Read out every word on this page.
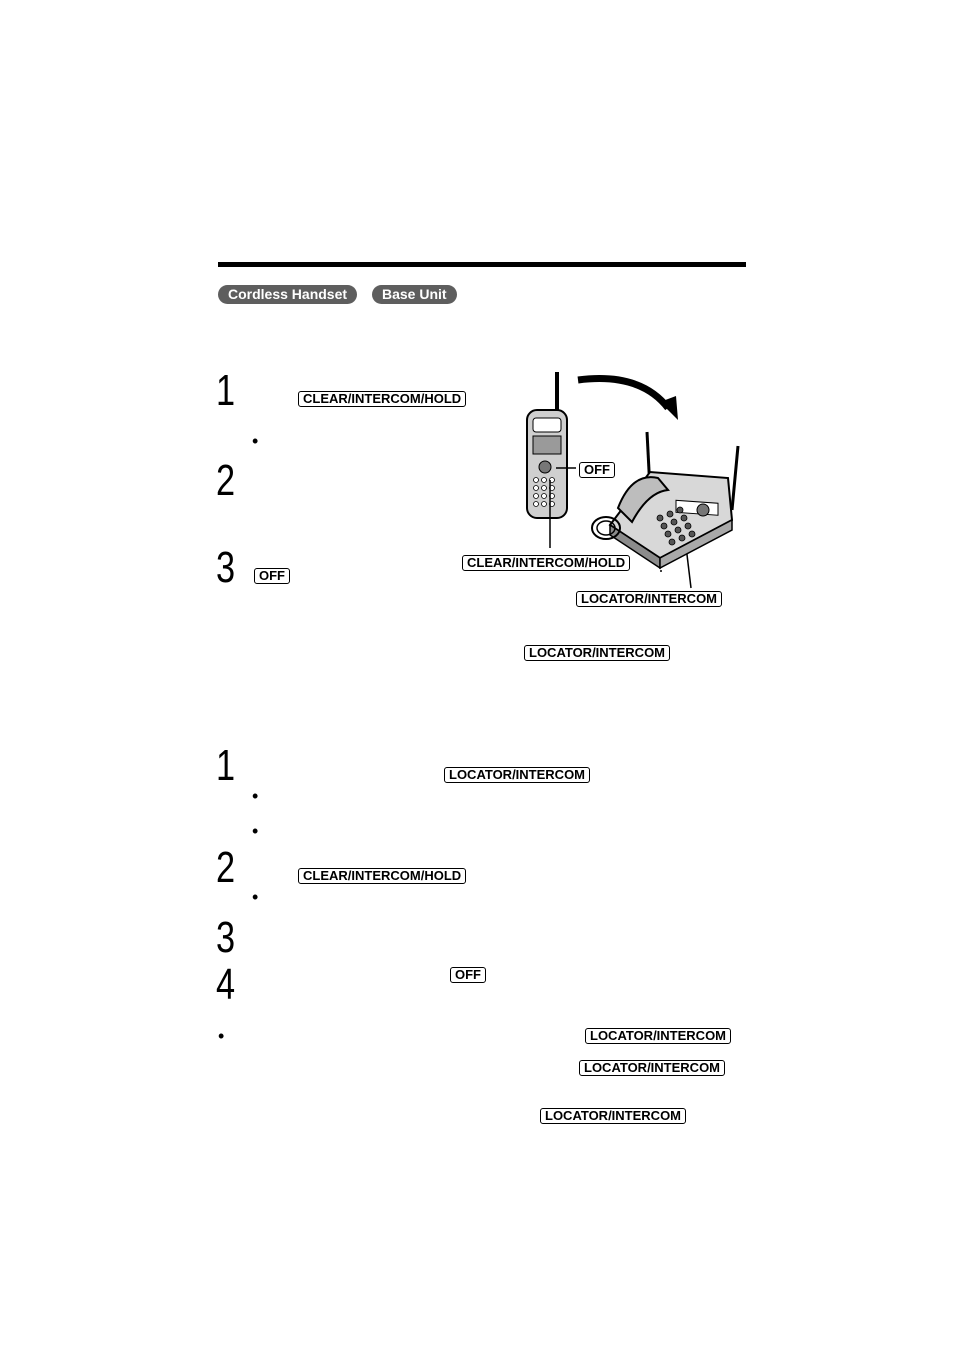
Cordless Handset	Base Unit
1	CLEAR/INTERCOM/HOLD
•
2
3	OFF
LOCATOR/INTERCOM
OFF
CLEAR/INTERCOM/HOLD
LOCATOR/INTERCOM
1	LOCATOR/INTERCOM
•
•
2	CLEAR/INTERCOM/HOLD
•
3
4	OFF
•	LOCATOR/INTERCOM
LOCATOR/INTERCOM
LOCATOR/INTERCOM
